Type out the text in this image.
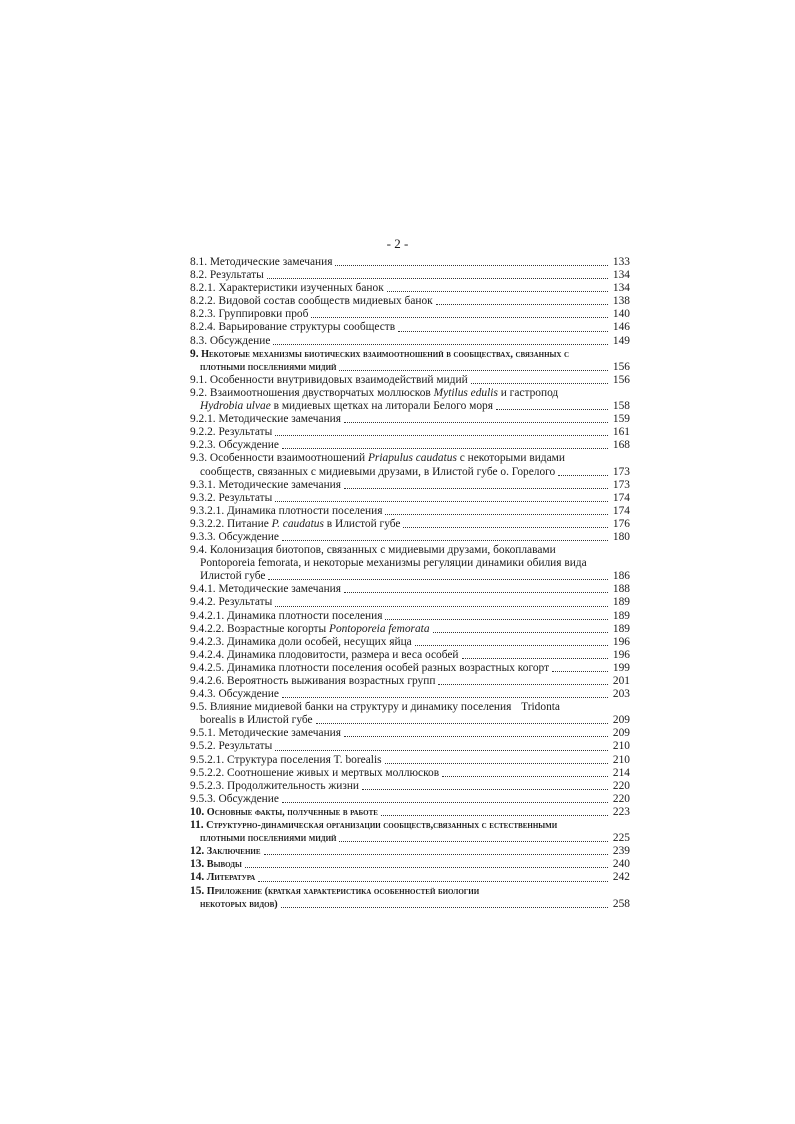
- 2 -
8.1. Методические замечания	133
8.2. Результаты	134
8.2.1. Характеристики изученных банок	134
8.2.2. Видовой состав сообществ мидиевых банок	138
8.2.3. Группировки проб	140
8.2.4. Варьирование структуры сообществ	146
8.3. Обсуждение	149
9. Некоторые механизмы биотических взаимоотношений в сообществах, связанных с
плотными поселениями мидий	156
9.1. Особенности внутривидовых взаимодействий мидий	156
9.2. Взаимоотношения двустворчатых моллюсков Mytilus edulis и гастропод
Hydrobia ulvae в мидиевых щетках на литорали Белого моря	158
9.2.1. Методические замечания	159
9.2.2. Результаты	161
9.2.3. Обсуждение	168
9.3. Особенности взаимоотношений Priapulus caudatus с некоторыми видами
сообществ, связанных с мидиевыми друзами, в Илистой губе о. Горелого	173
9.3.1. Методические замечания	173
9.3.2. Результаты	174
9.3.2.1. Динамика плотности поселения	174
9.3.2.2. Питание P. caudatus в Илистой губе	176
9.3.3. Обсуждение	180
9.4. Колонизация биотопов, связанных с мидиевыми друзами, бокоплавами
Pontoporeia femorata, и некоторые механизмы регуляции динамики обилия вида
Илистой губе	186
9.4.1. Методические замечания	188
9.4.2. Результаты	189
9.4.2.1. Динамика плотности поселения	189
9.4.2.2. Возрастные когорты Pontoporeia femorata	189
9.4.2.3. Динамика доли особей, несущих яйца	196
9.4.2.4. Динамика плодовитости, размера и веса особей	196
9.4.2.5. Динамика плотности поселения особей разных возрастных когорт	199
9.4.2.6. Вероятность выживания возрастных групп	201
9.4.3. Обсуждение	203
9.5. Влияние мидиевой банки на структуру и динамику поселения Tridonta
borealis в Илистой губе	209
9.5.1. Методические замечания	209
9.5.2. Результаты	210
9.5.2.1. Структура поселения T. borealis	210
9.5.2.2. Соотношение живых и мертвых моллюсков	214
9.5.2.3. Продолжительность жизни	220
9.5.3. Обсуждение	220
10. Основные факты, полученные в работе	223
11. Структурно-динамическая организации сообществ,связанных с естественными
плотными поселениями мидий	225
12. Заключение	239
13. Выводы	240
14. Литература	242
15. Приложение (краткая характеристика особенностей биологии
некоторых видов)	258
